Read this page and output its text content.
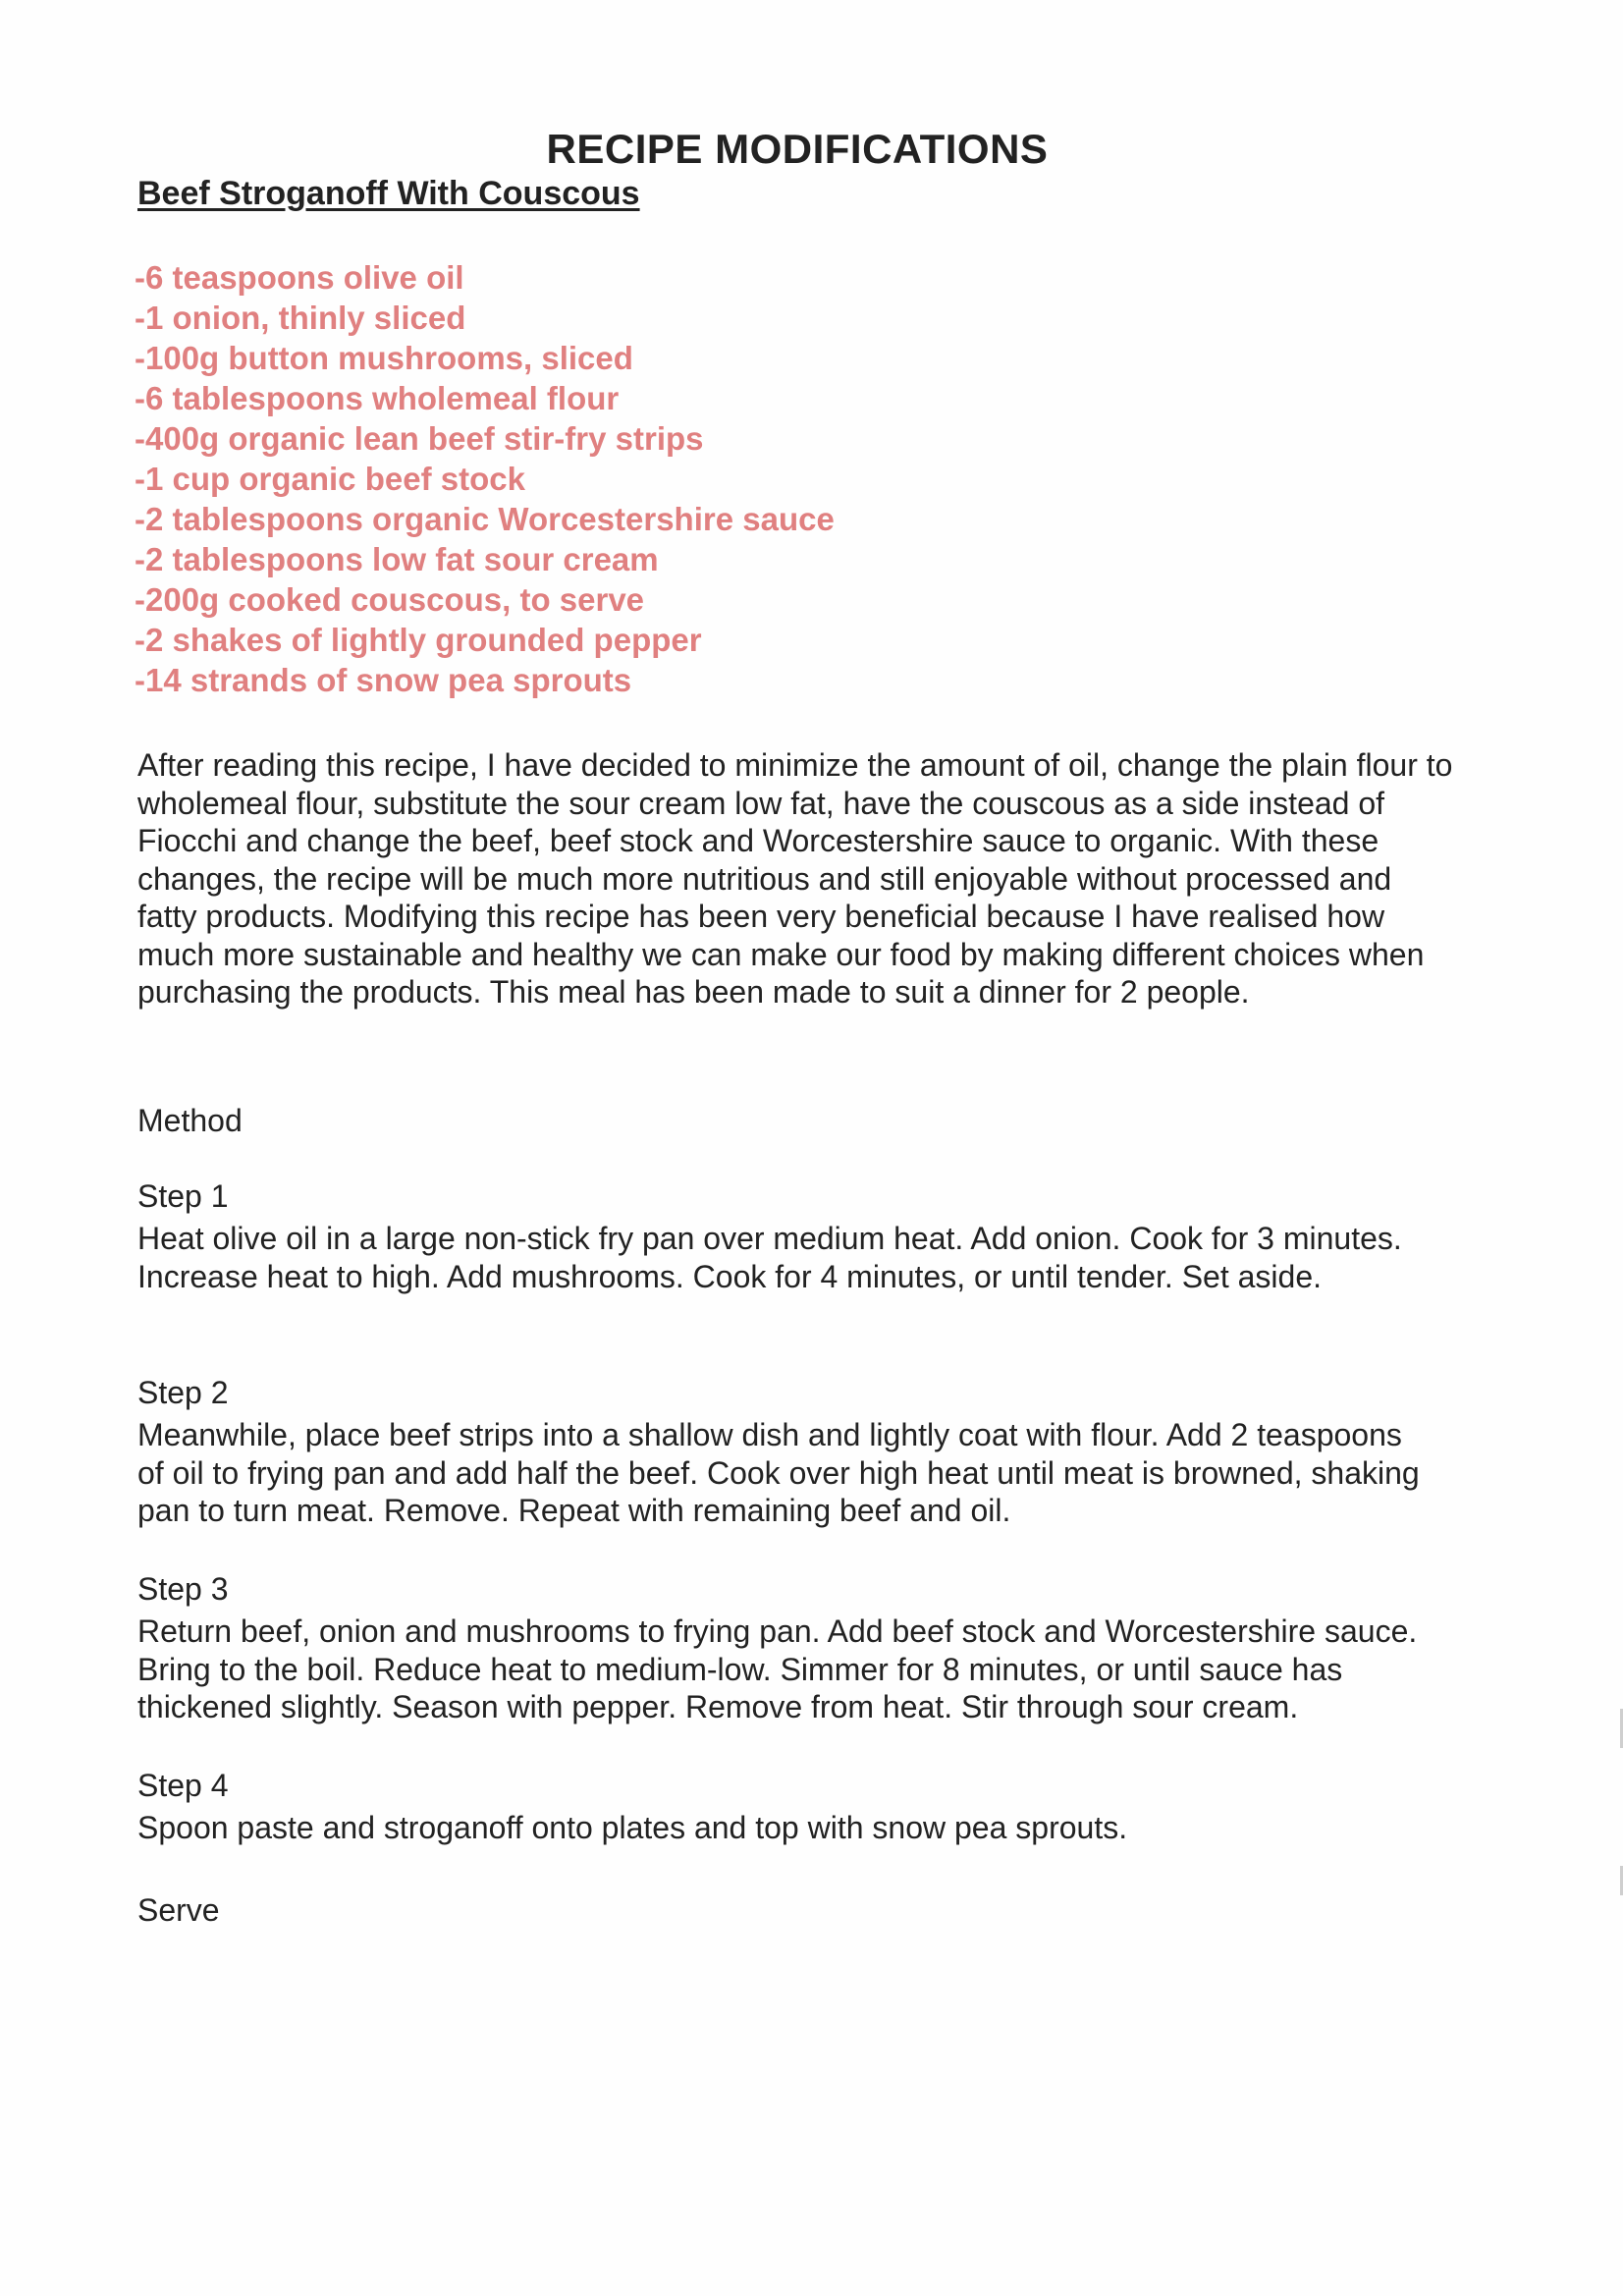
RECIPE MODIFICATIONS
Beef Stroganoff With Couscous
-6 teaspoons olive oil
-1 onion, thinly sliced
-100g button mushrooms, sliced
-6 tablespoons wholemeal flour
-400g organic lean beef stir-fry strips
-1 cup organic beef stock
-2 tablespoons organic Worcestershire sauce
-2 tablespoons low fat sour cream
-200g cooked couscous, to serve
-2 shakes of lightly grounded pepper
-14 strands of snow pea sprouts

After reading this recipe, I have decided to minimize the amount of oil, change the plain flour to wholemeal flour, substitute the sour cream low fat, have the couscous as a side instead of Fiocchi and change the beef, beef stock and Worcestershire sauce to organic. With these changes, the recipe will be much more nutritious and still enjoyable without processed and fatty products. Modifying this recipe has been very beneficial because I have realised how much more sustainable and healthy we can make our food by making different choices when purchasing the products. This meal has been made to suit a dinner for 2 people.

Method

Step 1

Heat olive oil in a large non-stick fry pan over medium heat. Add onion. Cook for 3 minutes. Increase heat to high. Add mushrooms. Cook for 4 minutes, or until tender. Set aside.

Step 2

Meanwhile, place beef strips into a shallow dish and lightly coat with flour. Add 2 teaspoons of oil to frying pan and add half the beef. Cook over high heat until meat is browned, shaking pan to turn meat. Remove. Repeat with remaining beef and oil.

Step 3

Return beef, onion and mushrooms to frying pan. Add beef stock and Worcestershire sauce. Bring to the boil. Reduce heat to medium-low. Simmer for 8 minutes, or until sauce has thickened slightly. Season with pepper. Remove from heat. Stir through sour cream.

Step 4

Spoon paste and stroganoff onto plates and top with snow pea sprouts.

Serve
